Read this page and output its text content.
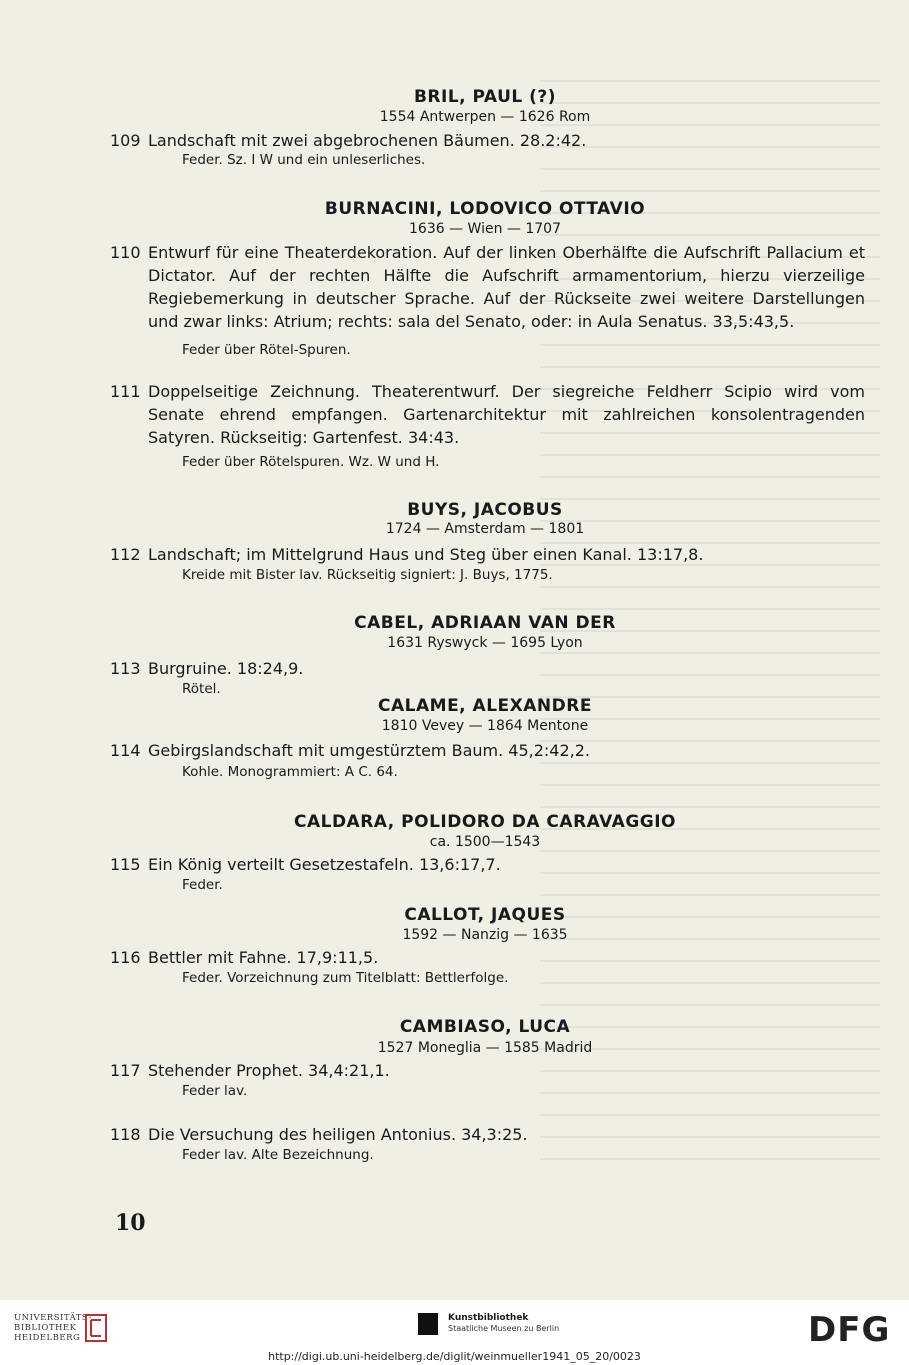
BRIL, PAUL (?)
1554 Antwerpen — 1626 Rom
109 Landschaft mit zwei abgebrochenen Bäumen. 28.2:42.
Feder. Sz. I W und ein unleserliches.
BURNACINI, LODOVICO OTTAVIO
1636 — Wien — 1707
110 Entwurf für eine Theaterdekoration. Auf der linken Oberhälfte die Aufschrift Pallacium et Dictator. Auf der rechten Hälfte die Aufschrift armamentorium, hierzu vierzeilige Regiebemerkung in deutscher Sprache. Auf der Rückseite zwei weitere Darstellungen und zwar links: Atrium; rechts: sala del Senato, oder: in Aula Senatus. 33,5:43,5.
Feder über Rötel-Spuren.
111 Doppelseitige Zeichnung. Theaterentwurf. Der siegreiche Feldherr Scipio wird vom Senate ehrend empfangen. Gartenarchitektur mit zahlreichen konsolentragenden Satyren. Rückseitig: Gartenfest. 34:43.
Feder über Rötelspuren. Wz. W und H.
BUYS, JACOBUS
1724 — Amsterdam — 1801
112 Landschaft; im Mittelgrund Haus und Steg über einen Kanal. 13:17,8.
Kreide mit Bister lav. Rückseitig signiert: J. Buys, 1775.
CABEL, ADRIAAN VAN DER
1631 Ryswyck — 1695 Lyon
113 Burgruine. 18:24,9.
Rötel.
CALAME, ALEXANDRE
1810 Vevey — 1864 Mentone
114 Gebirgslandschaft mit umgestürztem Baum. 45,2:42,2.
Kohle. Monogrammiert: A C. 64.
CALDARA, POLIDORO DA CARAVAGGIO
ca. 1500—1543
115 Ein König verteilt Gesetzestafeln. 13,6:17,7.
Feder.
CALLOT, JAQUES
1592 — Nanzig — 1635
116 Bettler mit Fahne. 17,9:11,5.
Feder. Vorzeichnung zum Titelblatt: Bettlerfolge.
CAMBIASO, LUCA
1527 Moneglia — 1585 Madrid
117 Stehender Prophet. 34,4:21,1.
Feder lav.
118 Die Versuchung des heiligen Antonius. 34,3:25.
Feder lav. Alte Bezeichnung.
10
UNIVERSITÄTS-
BIBLIOTHEK
HEIDELBERG
Kunstbibliothek
Staatliche Museen zu Berlin	DFG
http://digi.ub.uni-heidelberg.de/diglit/weinmueller1941_05_20/0023
